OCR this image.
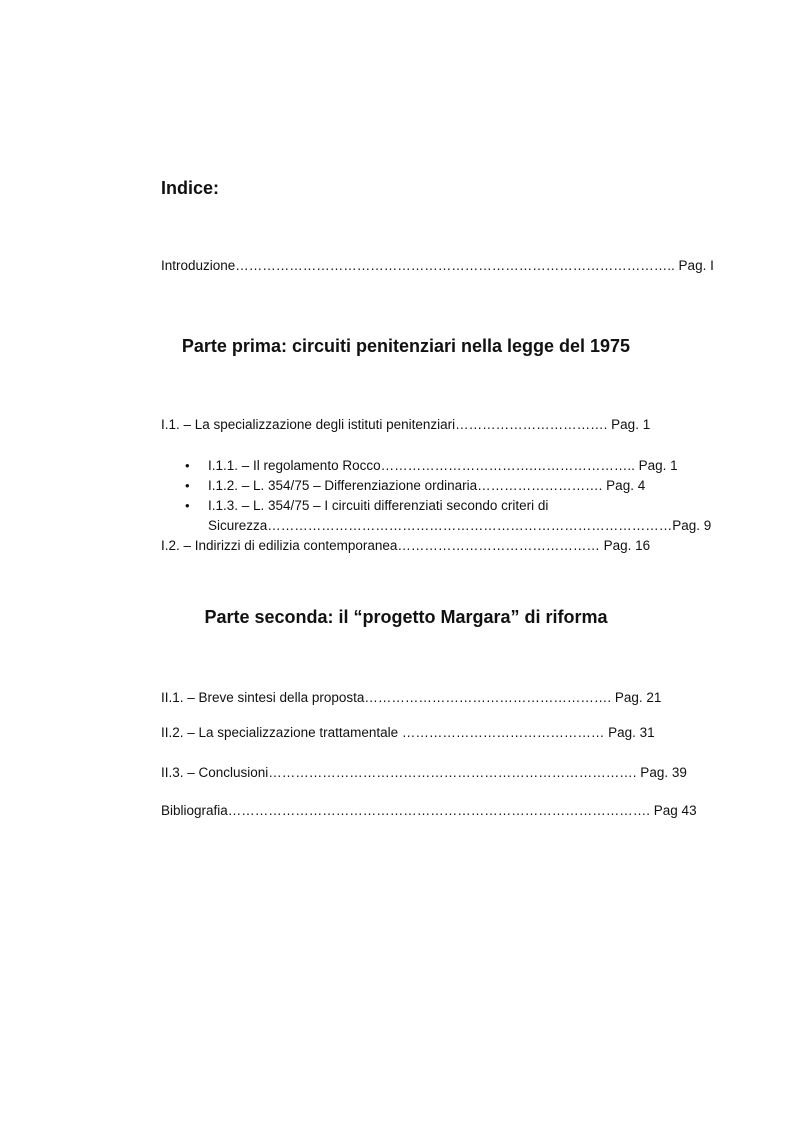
Indice:
Introduzione…………………………………………………………………………………….. Pag. I
Parte prima: circuiti penitenziari nella legge del 1975
I.1. – La specializzazione degli istituti penitenziari……………………………. Pag. 1
• I.1.1. – Il regolamento Rocco…………………………….………………….. Pag. 1
• I.1.2. – L. 354/75 – Differenziazione ordinaria………………………. Pag. 4
• I.1.3. – L. 354/75 – I circuiti differenziati secondo criteri di
Sicurezza………………………………………………………………………………Pag. 9
I.2. – Indirizzi di edilizia contemporanea……………………………………… Pag. 16
Parte seconda: il “progetto Margara” di riforma
II.1. – Breve sintesi della proposta………………………………………………. Pag. 21
II.2. – La specializzazione trattamentale ……………………………………… Pag. 31
II.3. – Conclusioni………………………………………………………………………. Pag. 39
Bibliografia…………………………………………………………………………………. Pag 43
